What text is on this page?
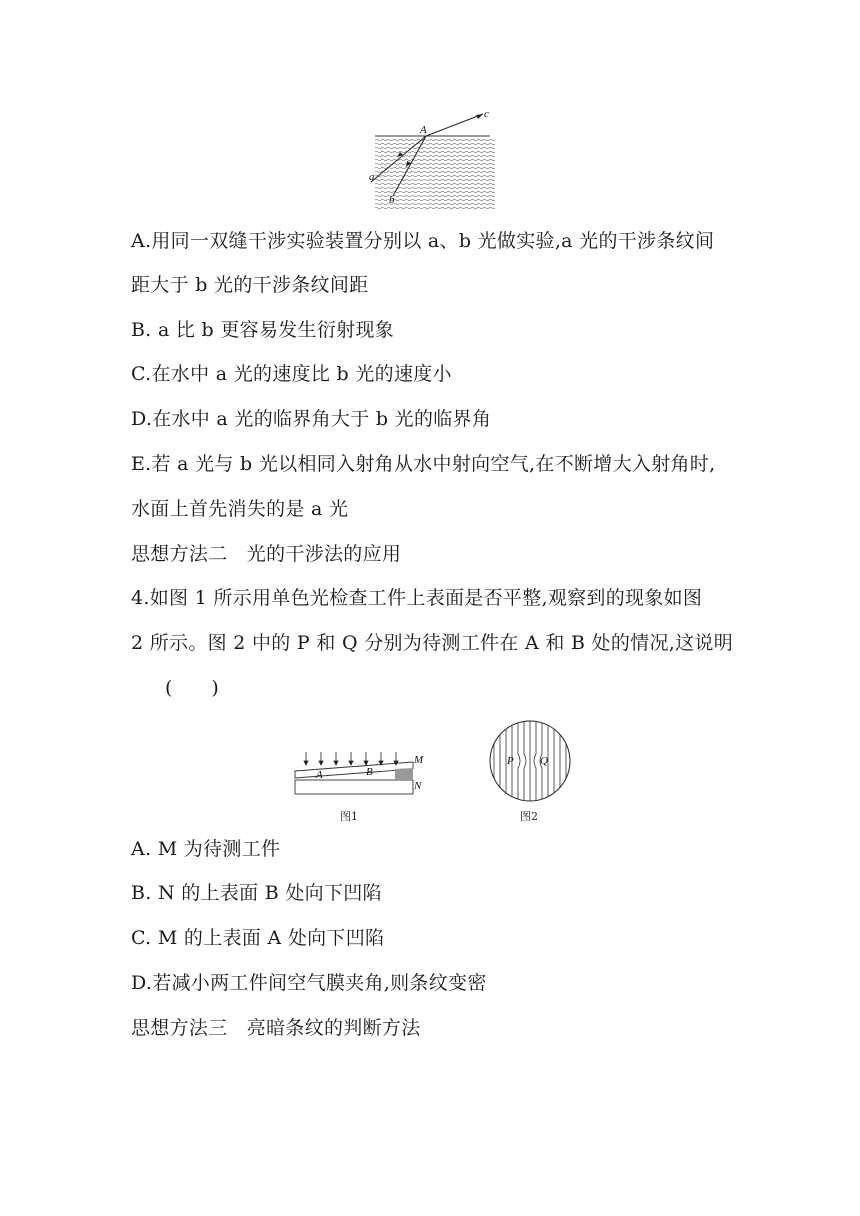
A
c
a
b
A.用同一双缝干涉实验装置分别以 a、b 光做实验,a 光的干涉条纹间
距大于 b 光的干涉条纹间距
B. a 比 b 更容易发生衍射现象
C.在水中 a 光的速度比 b 光的速度小
D.在水中 a 光的临界角大于 b 光的临界角
E.若 a 光与 b 光以相同入射角从水中射向空气,在不断增大入射角时,
水面上首先消失的是 a 光
思想方法二　光的干涉法的应用
4.如图 1 所示用单色光检查工件上表面是否平整,观察到的现象如图
2 所示。图 2 中的 P 和 Q 分别为待测工件在 A 和 B 处的情况,这说明
(　　)
M
N
A	B
图1
P Q
图2
A. M 为待测工件
B. N 的上表面 B 处向下凹陷
C. M 的上表面 A 处向下凹陷
D.若减小两工件间空气膜夹角,则条纹变密
思想方法三　亮暗条纹的判断方法
